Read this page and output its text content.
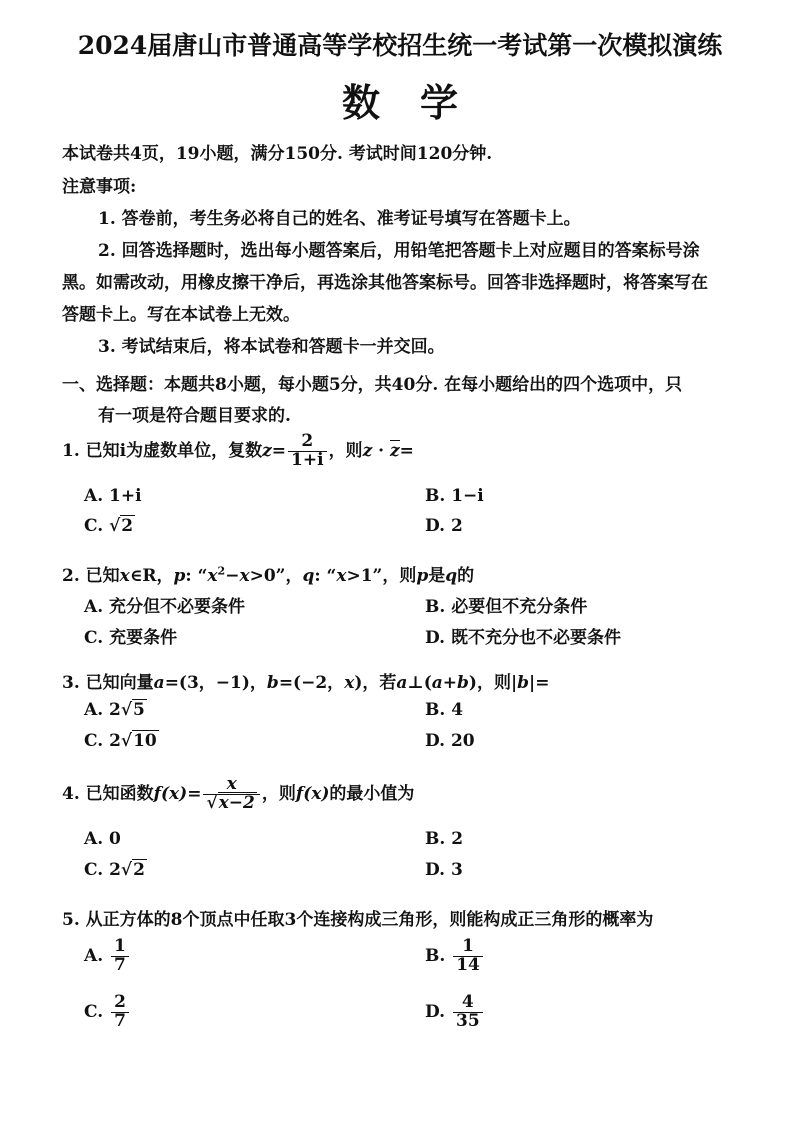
2024届唐山市普通高等学校招生统一考试第一次模拟演练
数学
本试卷共4页，19小题，满分150分. 考试时间120分钟.
注意事项:
1. 答卷前，考生务必将自己的姓名、准考证号填写在答题卡上。
2. 回答选择题时，选出每小题答案后，用铅笔把答题卡上对应题目的答案标号涂
黑。如需改动，用橡皮擦干净后，再选涂其他答案标号。回答非选择题时，将答案写在
答题卡上。写在本试卷上无效。
3. 考试结束后，将本试卷和答题卡一并交回。
一、选择题：本题共8小题，每小题5分，共40分. 在每小题给出的四个选项中，只
有一项是符合题目要求的.
1. 已知i为虚数单位，复数$z= \frac{2}{1+i}$ ，则z · z=
A. 1+i	B. 1−i
C. √2	D. 2
2. 已知x∈R，p: “$x^2-x>0$”，q: “x>1”，则p是q的
A. 充分但不必要条件	B. 必要但不充分条件
C. 充要条件	D. 既不充分也不必要条件
3. 已知向量a=(3，−1)，b=(−2，x)，若a⊥(a+b)，则|b|=
A. 2√5	B. 4
C. 2√10	D. 20
4. 已知函数$f(x)= \frac{x}{√x-2}$ ，则f(x)的最小值为
A. 0	B. 2
C. 2√2	D. 3
5. 从正方体的8个顶点中任取3个连接构成三角形，则能构成正三角形的概率为
A. $\frac{1}{7}$	B. $\frac{1}{14}$
C. $\frac{2}{7}$	D. $\frac{4}{35}$
